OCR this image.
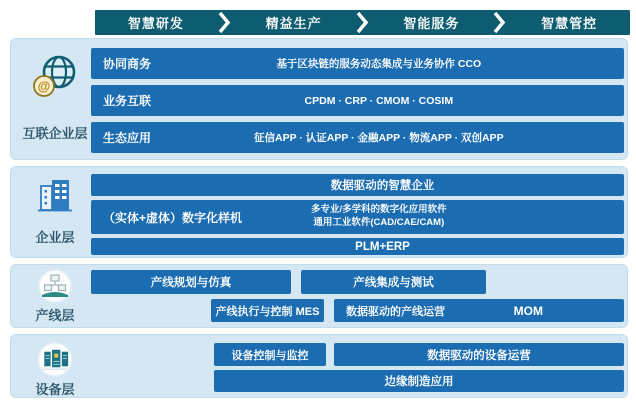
智慧研发	精益生产	智能服务	智慧管控
@
互联企业层
协同商务	基于区块链的服务动态集成与业务协作 CCO
业务互联	CPDM · CRP · CMOM · COSIM
生态应用	征信APP · 认证APP · 金融APP · 物流APP · 双创APP
企业层
数据驱动的智慧企业
（实体+虚体）数字化样机
多专业/多学科的数字化应用软件
通用工业软件(CAD/CAE/CAM)
PLM+ERP
产线层
产线规划与仿真	产线集成与测试
产线执行与控制 MES	数据驱动的产线运营	MOM
设备层
设备控制与监控	数据驱动的设备运营
边缘制造应用
